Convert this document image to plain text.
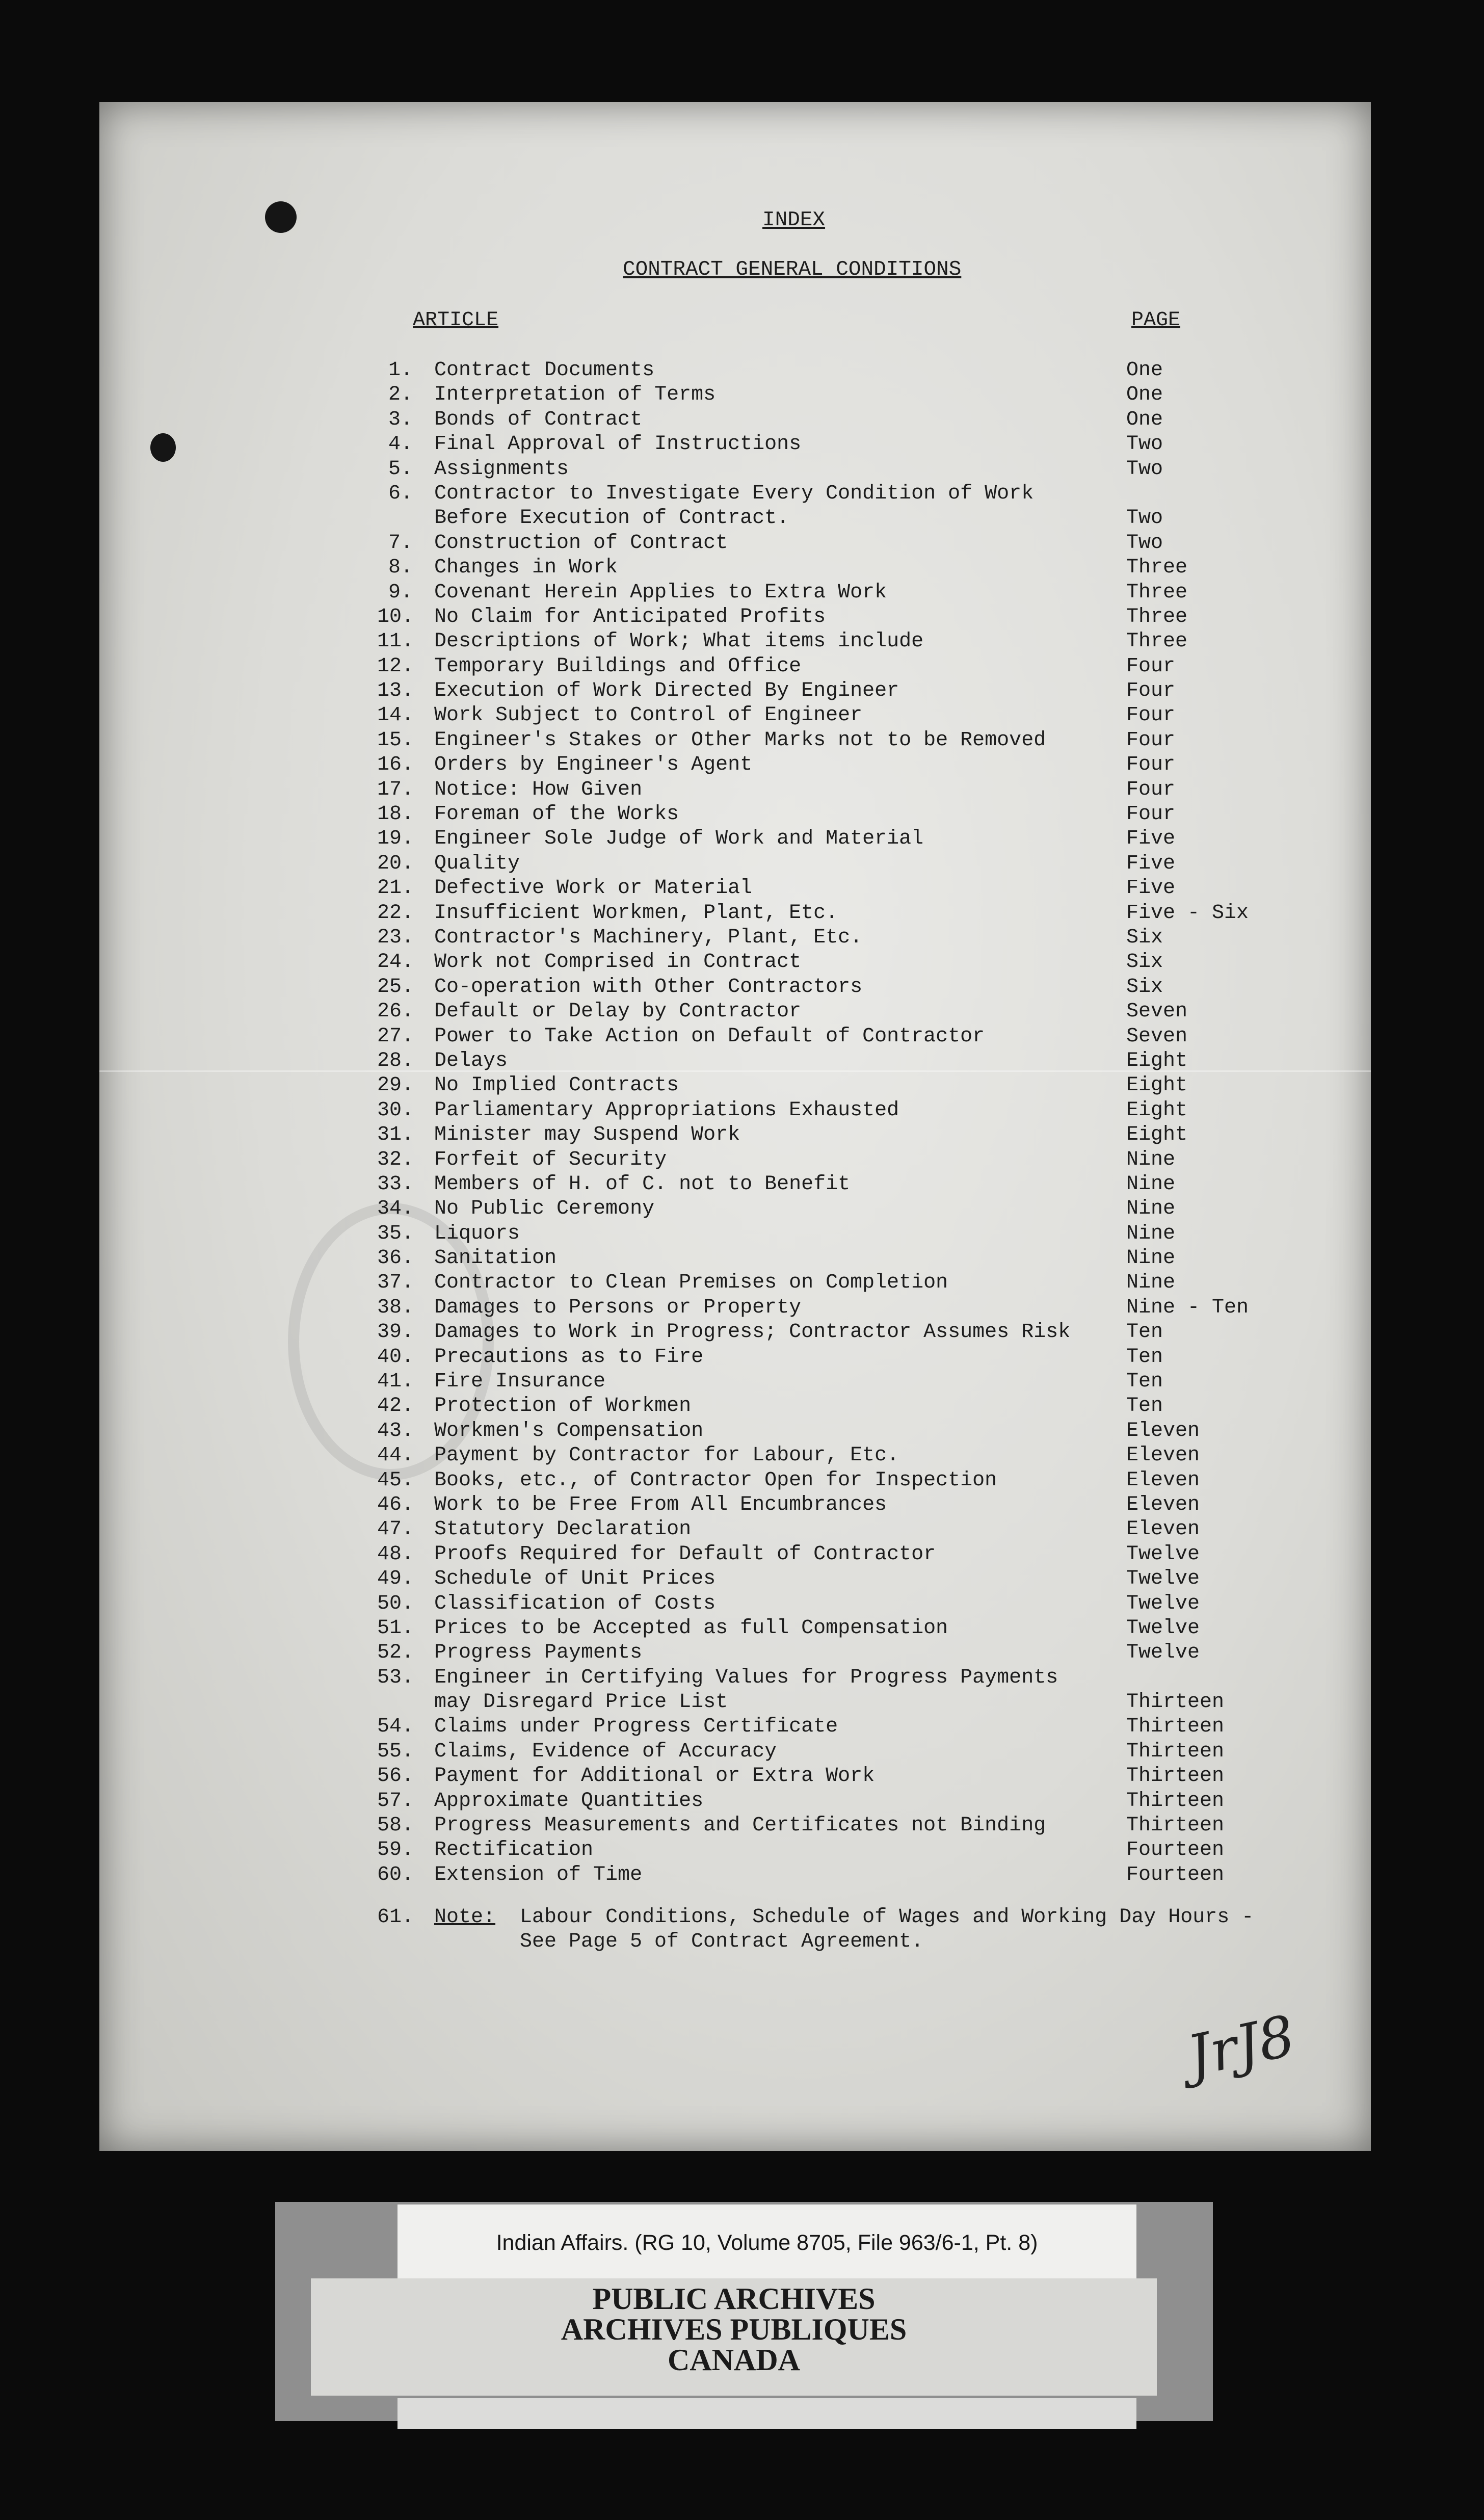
INDEX
CONTRACT GENERAL CONDITIONS
ARTICLE	PAGE
1.	Contract Documents	One
2.	Interpretation of Terms	One
3.	Bonds of Contract	One
4.	Final Approval of Instructions	Two
5.	Assignments	Two
6.	Contractor to Investigate Every Condition of Work
Before Execution of Contract.	Two
7.	Construction of Contract	Two
8.	Changes in Work	Three
9.	Covenant Herein Applies to Extra Work	Three
10. No Claim for Anticipated Profits	Three
11. Descriptions of Work; What items include	Three
12. Temporary Buildings and Office	Four
13. Execution of Work Directed By Engineer	Four
14. Work Subject to Control of Engineer	Four
15. Engineer's Stakes or Other Marks not to be Removed	Four
16. Orders by Engineer's Agent	Four
17. Notice: How Given	Four
18. Foreman of the Works	Four
19. Engineer Sole Judge of Work and Material	Five
20. Quality	Five
21. Defective Work or Material	Five
22. Insufficient Workmen, Plant, Etc.	Five - Six
23. Contractor's Machinery, Plant, Etc.	Six
24. Work not Comprised in Contract	Six
25. Co-operation with Other Contractors	Six
26. Default or Delay by Contractor	Seven
27. Power to Take Action on Default of Contractor	Seven
28. Delays	Eight
29. No Implied Contracts	Eight
30. Parliamentary Appropriations Exhausted	Eight
31. Minister may Suspend Work	Eight
32. Forfeit of Security	Nine
33. Members of H. of C. not to Benefit	Nine
34. No Public Ceremony	Nine
35. Liquors	Nine
36. Sanitation	Nine
37. Contractor to Clean Premises on Completion	Nine
38. Damages to Persons or Property	Nine - Ten
39. Damages to Work in Progress; Contractor Assumes Risk	Ten
40. Precautions as to Fire	Ten
41. Fire Insurance	Ten
42. Protection of Workmen	Ten
43. Workmen's Compensation	Eleven
44. Payment by Contractor for Labour, Etc.	Eleven
45. Books, etc., of Contractor Open for Inspection	Eleven
46. Work to be Free From All Encumbrances	Eleven
47. Statutory Declaration	Eleven
48. Proofs Required for Default of Contractor	Twelve
49. Schedule of Unit Prices	Twelve
50. Classification of Costs	Twelve
51. Prices to be Accepted as full Compensation	Twelve
52. Progress Payments	Twelve
53. Engineer in Certifying Values for Progress Payments
may Disregard Price List	Thirteen
54. Claims under Progress Certificate	Thirteen
55. Claims, Evidence of Accuracy	Thirteen
56. Payment for Additional or Extra Work	Thirteen
57. Approximate Quantities	Thirteen
58. Progress Measurements and Certificates not Binding	Thirteen
59. Rectification	Fourteen
60. Extension of Time	Fourteen
61. Note:
Labour Conditions, Schedule of Wages and Working Day Hours -
See Page 5 of Contract Agreement.
JrJ8
Indian Affairs. (RG 10, Volume 8705, File 963/6-1, Pt. 8)
PUBLIC ARCHIVES
ARCHIVES PUBLIQUES
CANADA
